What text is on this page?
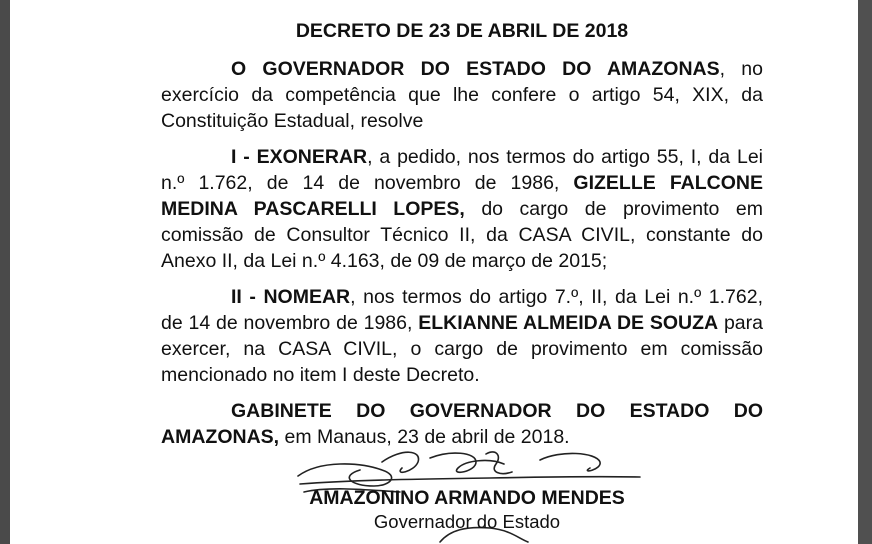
DECRETO DE 23 DE ABRIL DE 2018

O GOVERNADOR DO ESTADO DO AMAZONAS, no exercício da competência que lhe confere o artigo 54, XIX, da Constituição Estadual, resolve

I - EXONERAR, a pedido, nos termos do artigo 55, I, da Lei n.º 1.762, de 14 de novembro de 1986, GIZELLE FALCONE MEDINA PASCARELLI LOPES, do cargo de provimento em comissão de Consultor Técnico II, da CASA CIVIL, constante do Anexo II, da Lei n.º 4.163, de 09 de março de 2015;

II - NOMEAR, nos termos do artigo 7.º, II, da Lei n.º 1.762, de 14 de novembro de 1986, ELKIANNE ALMEIDA DE SOUZA para exercer, na CASA CIVIL, o cargo de provimento em comissão mencionado no item I deste Decreto.

GABINETE DO GOVERNADOR DO ESTADO DO AMAZONAS, em Manaus, 23 de abril de 2018.

AMAZONINO ARMANDO MENDES
Governador do Estado
